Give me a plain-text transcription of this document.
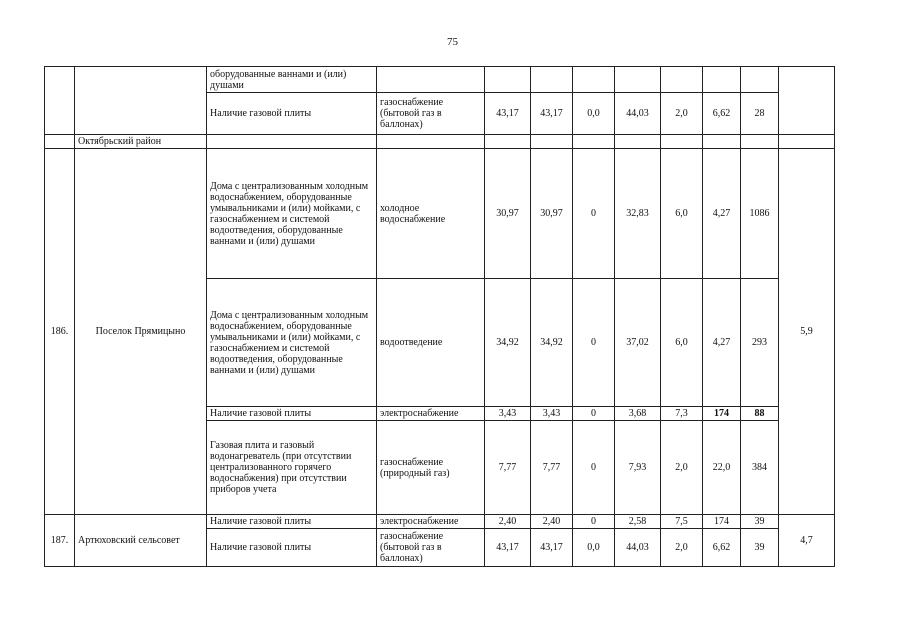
75
		оборудованные ваннами и (или) душами									
		Наличие газовой плиты	газоснабжение (бытовой газ в баллонах)	43,17	43,17	0,0	44,03	2,0	6,62	28	
	Октябрьский район										
186.	Поселок Прямицыно	Дома с централизованным холодным водоснабжением, оборудованные умывальниками и (или) мойками, с газоснабжением и системой водоотведения, оборудованные ваннами и (или) душами	холодное водоснабжение	30,97	30,97	0	32,83	6,0	4,27	1086	5,9
		Дома с централизованным холодным водоснабжением, оборудованные умывальниками и (или) мойками, с газоснабжением и системой водоотведения, оборудованные ваннами и (или) душами	водоотведение	34,92	34,92	0	37,02	6,0	4,27	293	
		Наличие газовой плиты	электроснабжение	3,43	3,43	0	3,68	7,3	174	88	
		Газовая плита и газовый водонагреватель (при отсутствии централизованного горячего водоснабжения) при отсутствии приборов учета	газоснабжение (природный газ)	7,77	7,77	0	7,93	2,0	22,0	384	
187.	Артюховский сельсовет	Наличие газовой плиты	электроснабжение	2,40	2,40	0	2,58	7,5	174	39	4,7
		Наличие газовой плиты	газоснабжение (бытовой газ в баллонах)	43,17	43,17	0,0	44,03	2,0	6,62	39	
